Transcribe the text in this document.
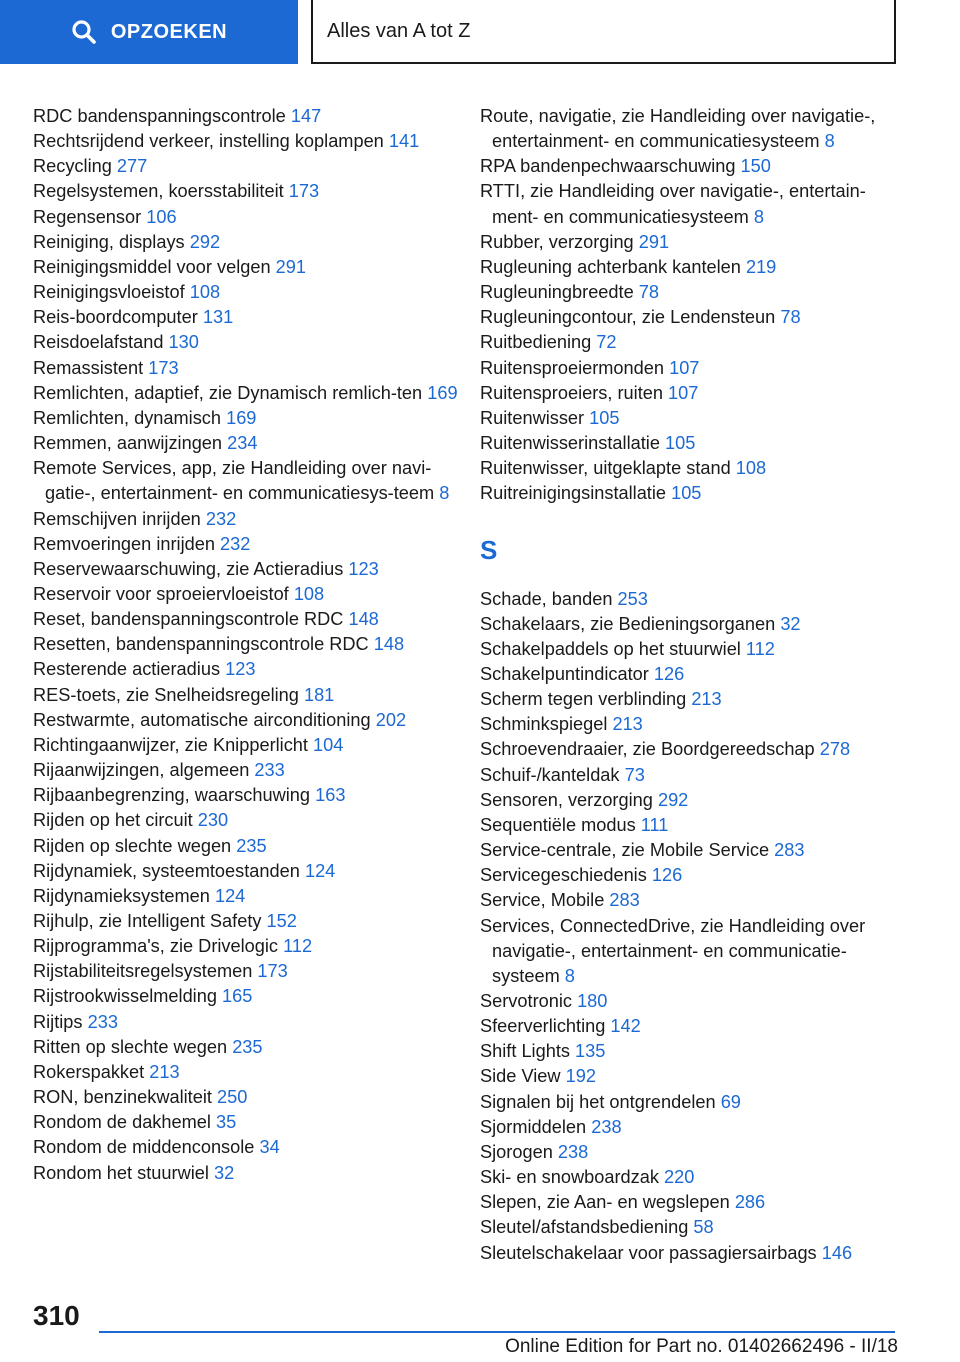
OPZOEKEN	Alles van A tot Z
RDC bandenspanningscontrole 147
Rechtsrijdend verkeer, instelling koplampen 141
Recycling 277
Regelsystemen, koersstabiliteit 173
Regensensor 106
Reiniging, displays 292
Reinigingsmiddel voor velgen 291
Reinigingsvloeistof 108
Reis-boordcomputer 131
Reisdoelafstand 130
Remassistent 173
Remlichten, adaptief, zie Dynamisch remlich-ten 169
Remlichten, dynamisch 169
Remmen, aanwijzingen 234
Remote Services, app, zie Handleiding over navi-gatie-, entertainment- en communicatiesys-teem 8
Remschijven inrijden 232
Remvoeringen inrijden 232
Reservewaarschuwing, zie Actieradius 123
Reservoir voor sproeiervloeistof 108
Reset, bandenspanningscontrole RDC 148
Resetten, bandenspanningscontrole RDC 148
Resterende actieradius 123
RES-toets, zie Snelheidsregeling 181
Restwarmte, automatische airconditioning 202
Richtingaanwijzer, zie Knipperlicht 104
Rijaanwijzingen, algemeen 233
Rijbaanbegrenzing, waarschuwing 163
Rijden op het circuit 230
Rijden op slechte wegen 235
Rijdynamiek, systeemtoestanden 124
Rijdynamieksystemen 124
Rijhulp, zie Intelligent Safety 152
Rijprogramma's, zie Drivelogic 112
Rijstabiliteitsregelsystemen 173
Rijstrookwisselmelding 165
Rijtips 233
Ritten op slechte wegen 235
Rokerspakket 213
RON, benzinekwaliteit 250
Rondom de dakhemel 35
Rondom de middenconsole 34
Rondom het stuurwiel 32
Route, navigatie, zie Handleiding over navigatie-, entertainment- en communicatiesysteem 8
RPA bandenpechwaarschuwing 150
RTTI, zie Handleiding over navigatie-, entertain-ment- en communicatiesysteem 8
Rubber, verzorging 291
Rugleuning achterbank kantelen 219
Rugleuningbreedte 78
Rugleuningcontour, zie Lendensteun 78
Ruitbediening 72
Ruitensproeiermonden 107
Ruitensproeiers, ruiten 107
Ruitenwisser 105
Ruitenwisserinstallatie 105
Ruitenwisser, uitgeklapte stand 108
Ruitreinigingsinstallatie 105
S
Schade, banden 253
Schakelaars, zie Bedieningsorganen 32
Schakelpaddels op het stuurwiel 112
Schakelpuntindicator 126
Scherm tegen verblinding 213
Schminkspiegel 213
Schroevendraaier, zie Boordgereedschap 278
Schuif-/kanteldak 73
Sensoren, verzorging 292
Sequentiële modus 111
Service-centrale, zie Mobile Service 283
Servicegeschiedenis 126
Service, Mobile 283
Services, ConnectedDrive, zie Handleiding over navigatie-, entertainment- en communicatie-systeem 8
Servotronic 180
Sfeerverlichting 142
Shift Lights 135
Side View 192
Signalen bij het ontgrendelen 69
Sjormiddelen 238
Sjorogen 238
Ski- en snowboardzak 220
Slepen, zie Aan- en wegslepen 286
Sleutel/afstandsbediening 58
Sleutelschakelaar voor passagiersairbags 146
310
Online Edition for Part no. 01402662496 - II/18
